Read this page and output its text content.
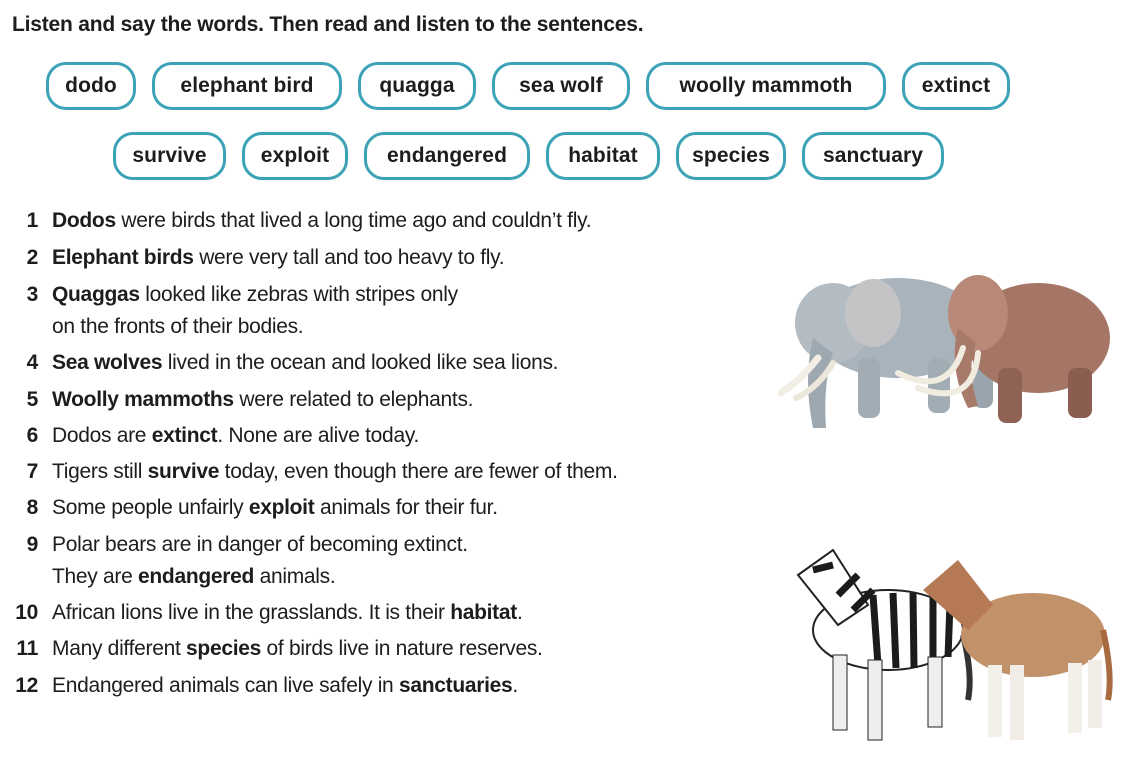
Listen and say the words. Then read and listen to the sentences.
dodo	elephant bird	quagga	sea wolf	woolly mammoth	extinct
survive	exploit	endangered	habitat	species	sanctuary
1 Dodos were birds that lived a long time ago and couldn’t fly.
2 Elephant birds were very tall and too heavy to fly.
3 Quaggas looked like zebras with stripes only
on the fronts of their bodies.
4 Sea wolves lived in the ocean and looked like sea lions.
5 Woolly mammoths were related to elephants.
6 Dodos are extinct. None are alive today.
7 Tigers still survive today, even though there are fewer of them.
8 Some people unfairly exploit animals for their fur.
9 Polar bears are in danger of becoming extinct.
They are endangered animals.
10 African lions live in the grasslands. It is their habitat.
11 Many different species of birds live in nature reserves.
12 Endangered animals can live safely in sanctuaries.
